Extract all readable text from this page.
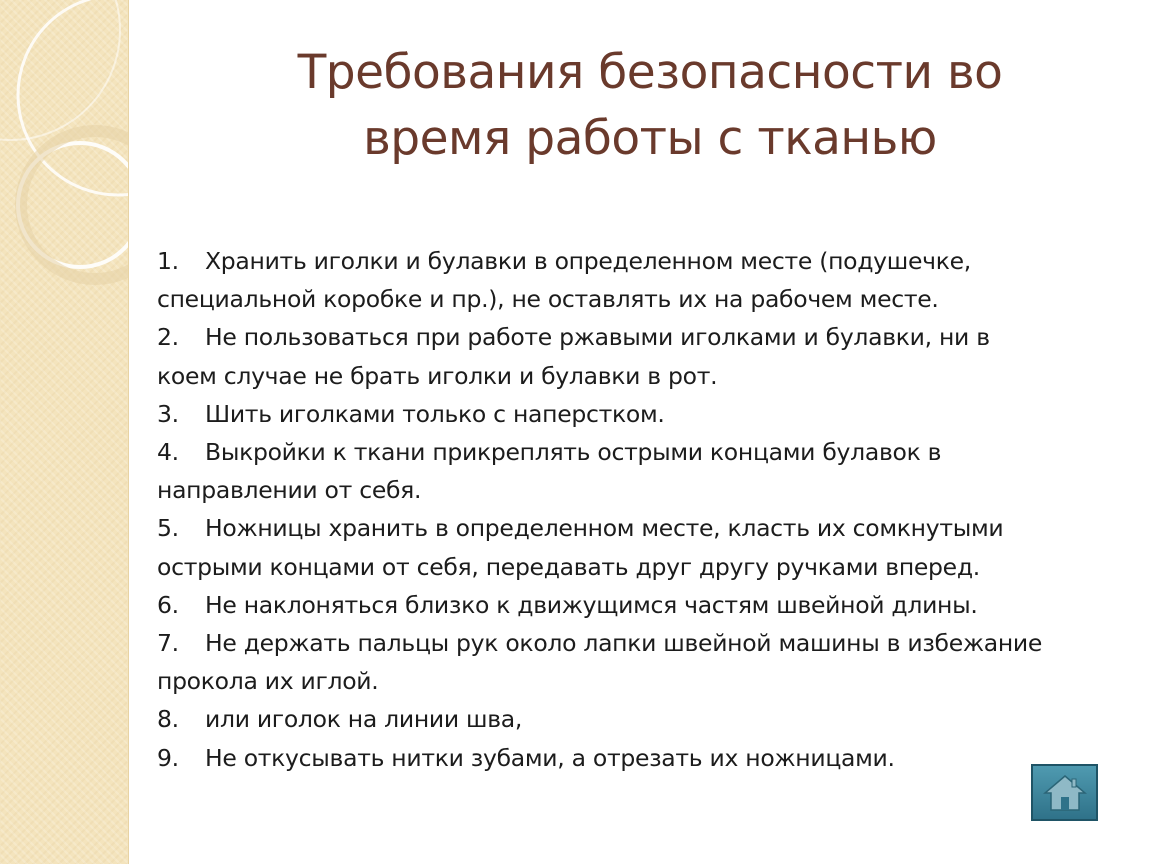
Требования безопасности во
время работы с тканью
1. Хранить иголки и булавки в определенном месте (подушечке,
специальной коробке и пр.), не оставлять их на рабочем месте.
2. Не пользоваться при работе ржавыми иголками и булавки, ни в
коем случае не брать иголки и булавки в рот.
3. Шить иголками только с наперстком.
4. Выкройки к ткани прикреплять острыми концами булавок в
направлении от себя.
5. Ножницы хранить в определенном месте, класть их сомкнутыми
острыми концами от себя, передавать друг другу ручками вперед.
6. Не наклоняться близко к движущимся частям швейной длины.
7. Не держать пальцы рук около лапки швейной машины в избежание
прокола их иглой.
8. или иголок на линии шва,
9. Не откусывать нитки зубами, а отрезать их ножницами.
